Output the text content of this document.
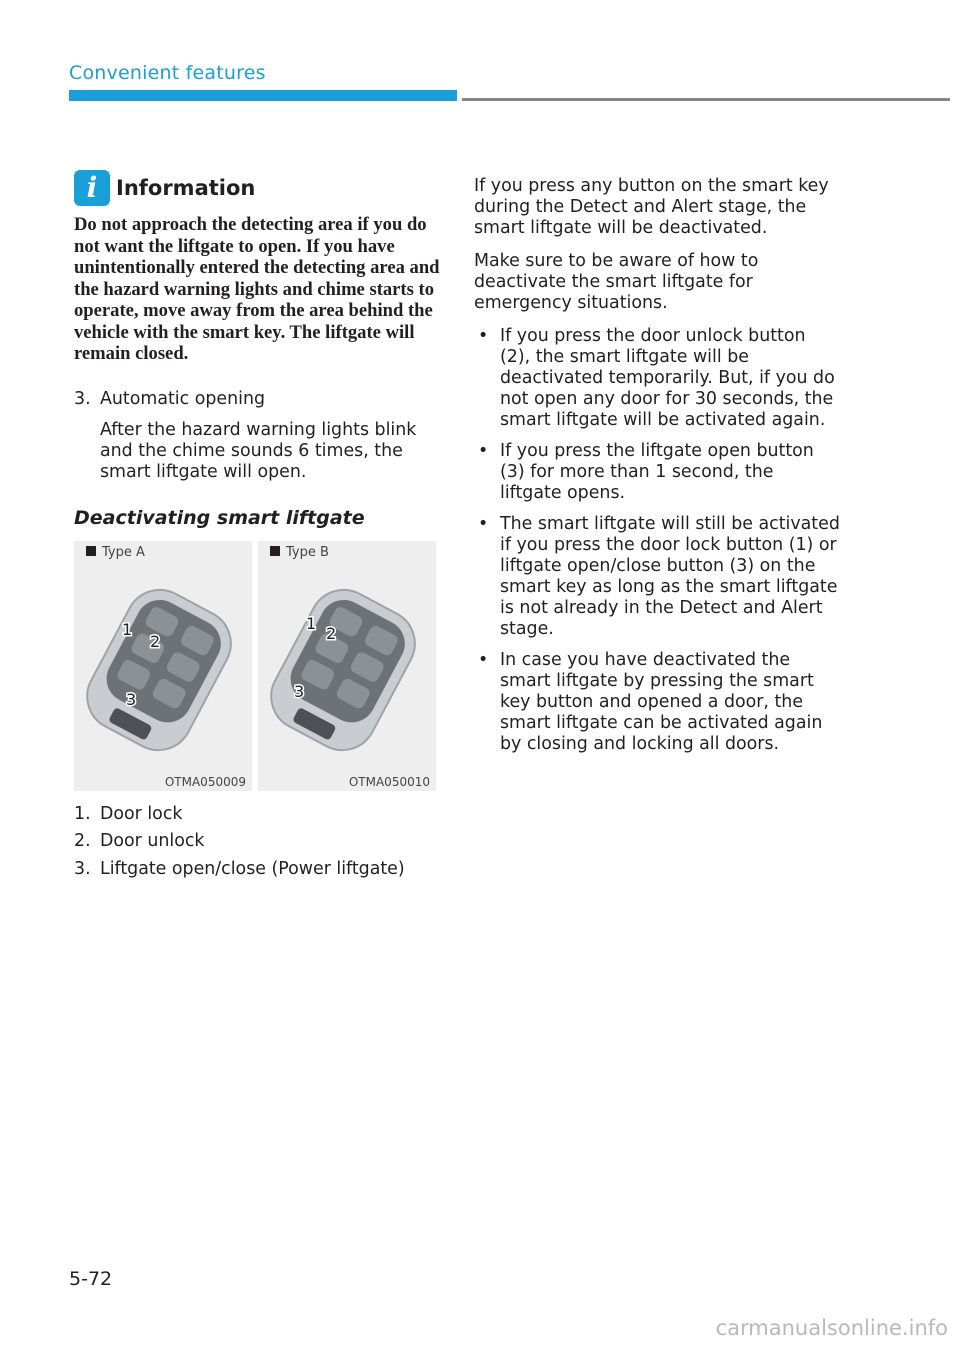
Convenient features
i Information

Do not approach the detecting area if you do not want the liftgate to open. If you have unintentionally entered the detecting area and the hazard warning lights and chime starts to operate, move away from the area behind the vehicle with the smart key. The liftgate will remain closed.

3. Automatic opening
After the hazard warning lights blink and the chime sounds 6 times, the smart liftgate will open.
Deactivating smart liftgate
Type A
1
2
3
OTMA050009
Type B
1
2
3
OTMA050010
1. Door lock
2. Door unlock
3. Liftgate open/close (Power liftgate)

If you press any button on the smart key during the Detect and Alert stage, the smart liftgate will be deactivated.

Make sure to be aware of how to deactivate the smart liftgate for emergency situations.

• If you press the door unlock button (2), the smart liftgate will be deactivated temporarily. But, if you do not open any door for 30 seconds, the smart liftgate will be activated again.
• If you press the liftgate open button (3) for more than 1 second, the liftgate opens.
• The smart liftgate will still be activated if you press the door lock button (1) or liftgate open/close button (3) on the smart key as long as the smart liftgate is not already in the Detect and Alert stage.
• In case you have deactivated the smart liftgate by pressing the smart key button and opened a door, the smart liftgate can be activated again by closing and locking all doors.
5-72
carmanualsonline.info
